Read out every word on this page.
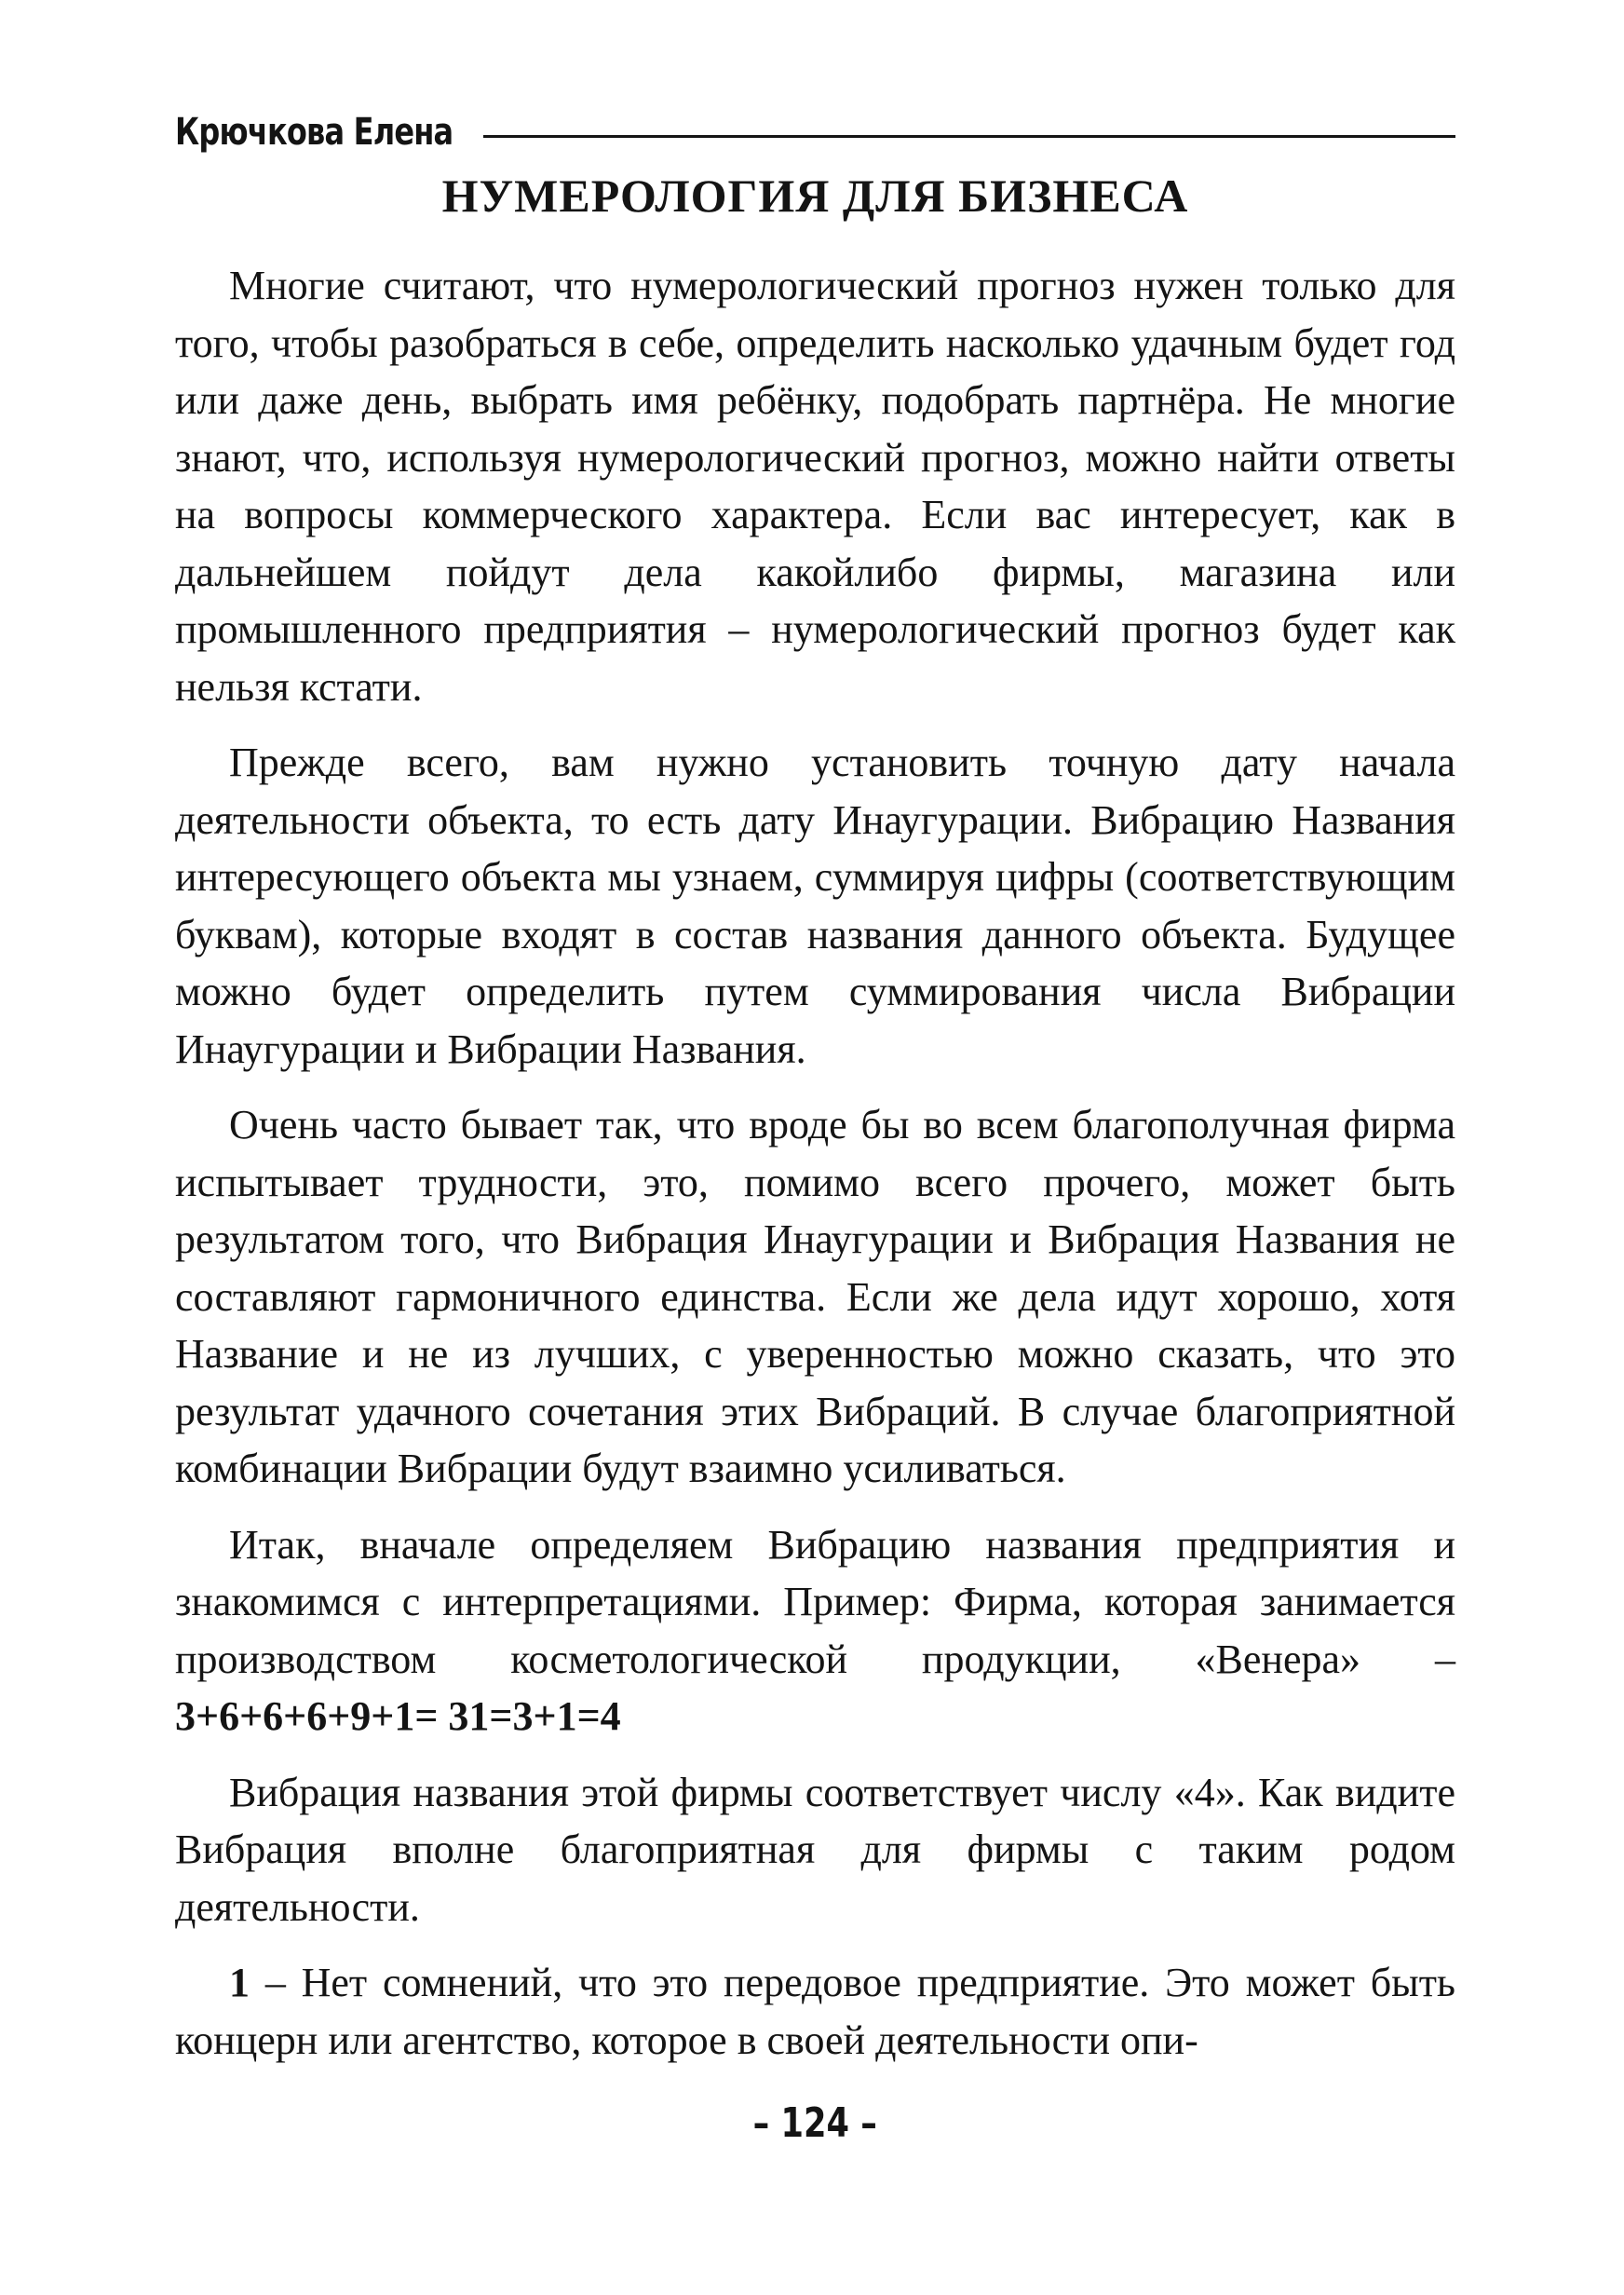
Крючкова Елена
НУМЕРОЛОГИЯ ДЛЯ БИЗНЕСА

Многие считают, что нумерологический прогноз нужен только для того, чтобы разобраться в себе, определить насколько удачным будет год или даже день, выбрать имя ребёнку, подобрать партнёра. Не многие знают, что, используя нумерологический прогноз, можно найти ответы на вопросы коммерческого характера. Если вас интересует, как в дальнейшем пойдут дела какойлибо фирмы, магазина или промышленного предприятия – нумерологический прогноз будет как нельзя кстати.

Прежде всего, вам нужно установить точную дату начала деятельности объекта, то есть дату Инаугурации. Вибрацию Названия интересующего объекта мы узнаем, суммируя цифры (соответствующим буквам), которые входят в состав названия данного объекта. Будущее можно будет определить путем суммирования числа Вибрации Инаугурации и Вибрации Названия.

Очень часто бывает так, что вроде бы во всем благополучная фирма испытывает трудности, это, помимо всего прочего, может быть результатом того, что Вибрация Инаугурации и Вибрация Названия не составляют гармоничного единства. Если же дела идут хорошо, хотя Название и не из лучших, с уверенностью можно сказать, что это результат удачного сочетания этих Вибраций. В случае благоприятной комбинации Вибрации будут взаимно усиливаться.

Итак, вначале определяем Вибрацию названия предприятия и знакомимся с интерпретациями. Пример: Фирма, которая занимается производством косметологической продукции, «Венера» – 3+6+6+6+9+1= 31=3+1=4

Вибрация названия этой фирмы соответствует числу «4». Как видите Вибрация вполне благоприятная для фирмы с таким родом деятельности.

1 – Нет сомнений, что это передовое предприятие. Это может быть концерн или агентство, которое в своей деятельности опи-

– 124 –
